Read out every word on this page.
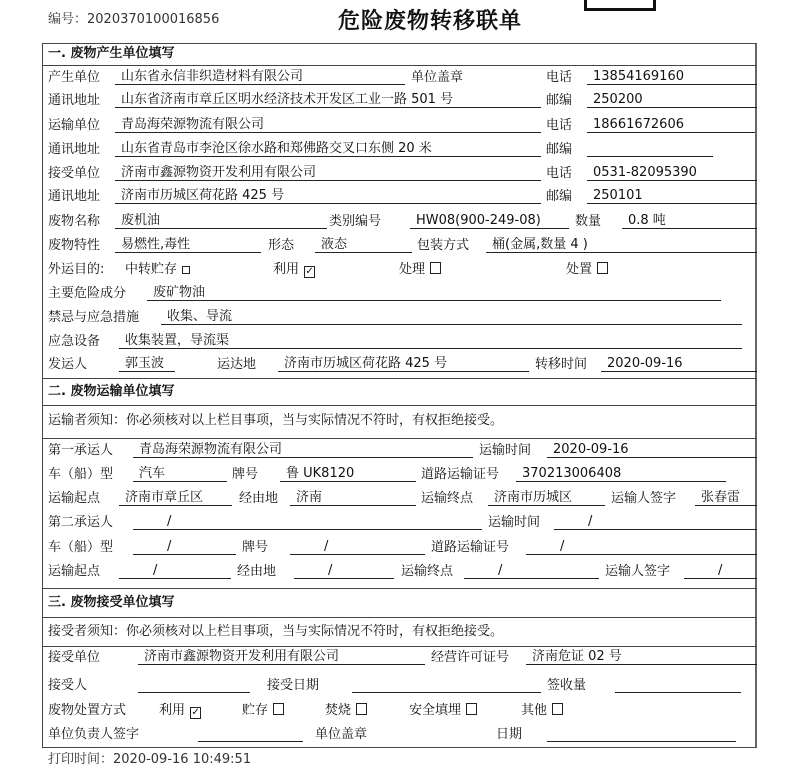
编号：2020370100016856	危险废物转移联单
一. 废物产生单位填写
产生单位	山东省永信非织造材料有限公司	单位盖章	电话	13854169160
通讯地址	山东省济南市章丘区明水经济技术开发区工业一路 501 号	邮编	250200
运输单位	青岛海荣源物流有限公司	电话	18661672606
通讯地址	山东省青岛市李沧区徐水路和郑佛路交叉口东侧 20 米	邮编
接受单位	济南市鑫源物资开发利用有限公司	电话	0531-82095390
通讯地址	济南市历城区荷花路 425 号	邮编	250101
废物名称	废机油	类别编号	HW08(900-249-08)	数量	0.8 吨
废物特性	易燃性,毒性	形态	液态	包装方式	桶(金属,数量 4 )
外运目的: 中转贮存	利用 ✓	处理	处置
主要危险成分	废矿物油
禁忌与应急措施	收集、导流
应急设备	收集装置，导流渠
发运人	郭玉波	运达地	济南市历城区荷花路 425 号	转移时间	2020-09-16
二. 废物运输单位填写
运输者须知：你必须核对以上栏目事项，当与实际情况不符时，有权拒绝接受。
第一承运人	青岛海荣源物流有限公司	运输时间	2020-09-16
车（船）型	汽车	牌号	鲁 UK8120	道路运输证号	370213006408
运输起点	济南市章丘区	经由地	济南	运输终点	济南市历城区	运输人签字	张春雷
第二承运人	/	运输时间	/
车（船）型	/	牌号	/	道路运输证号	/
运输起点	/	经由地	/	运输终点	/	运输人签字	/
三. 废物接受单位填写
接受者须知：你必须核对以上栏目事项，当与实际情况不符时，有权拒绝接受。
接受单位	济南市鑫源物资开发利用有限公司	经营许可证号	济南危证 02 号
接受人	接受日期	签收量
废物处置方式	利用 ✓	贮存	焚烧	安全填埋	其他
单位负责人签字	单位盖章	日期
打印时间：2020-09-16 10:49:51
